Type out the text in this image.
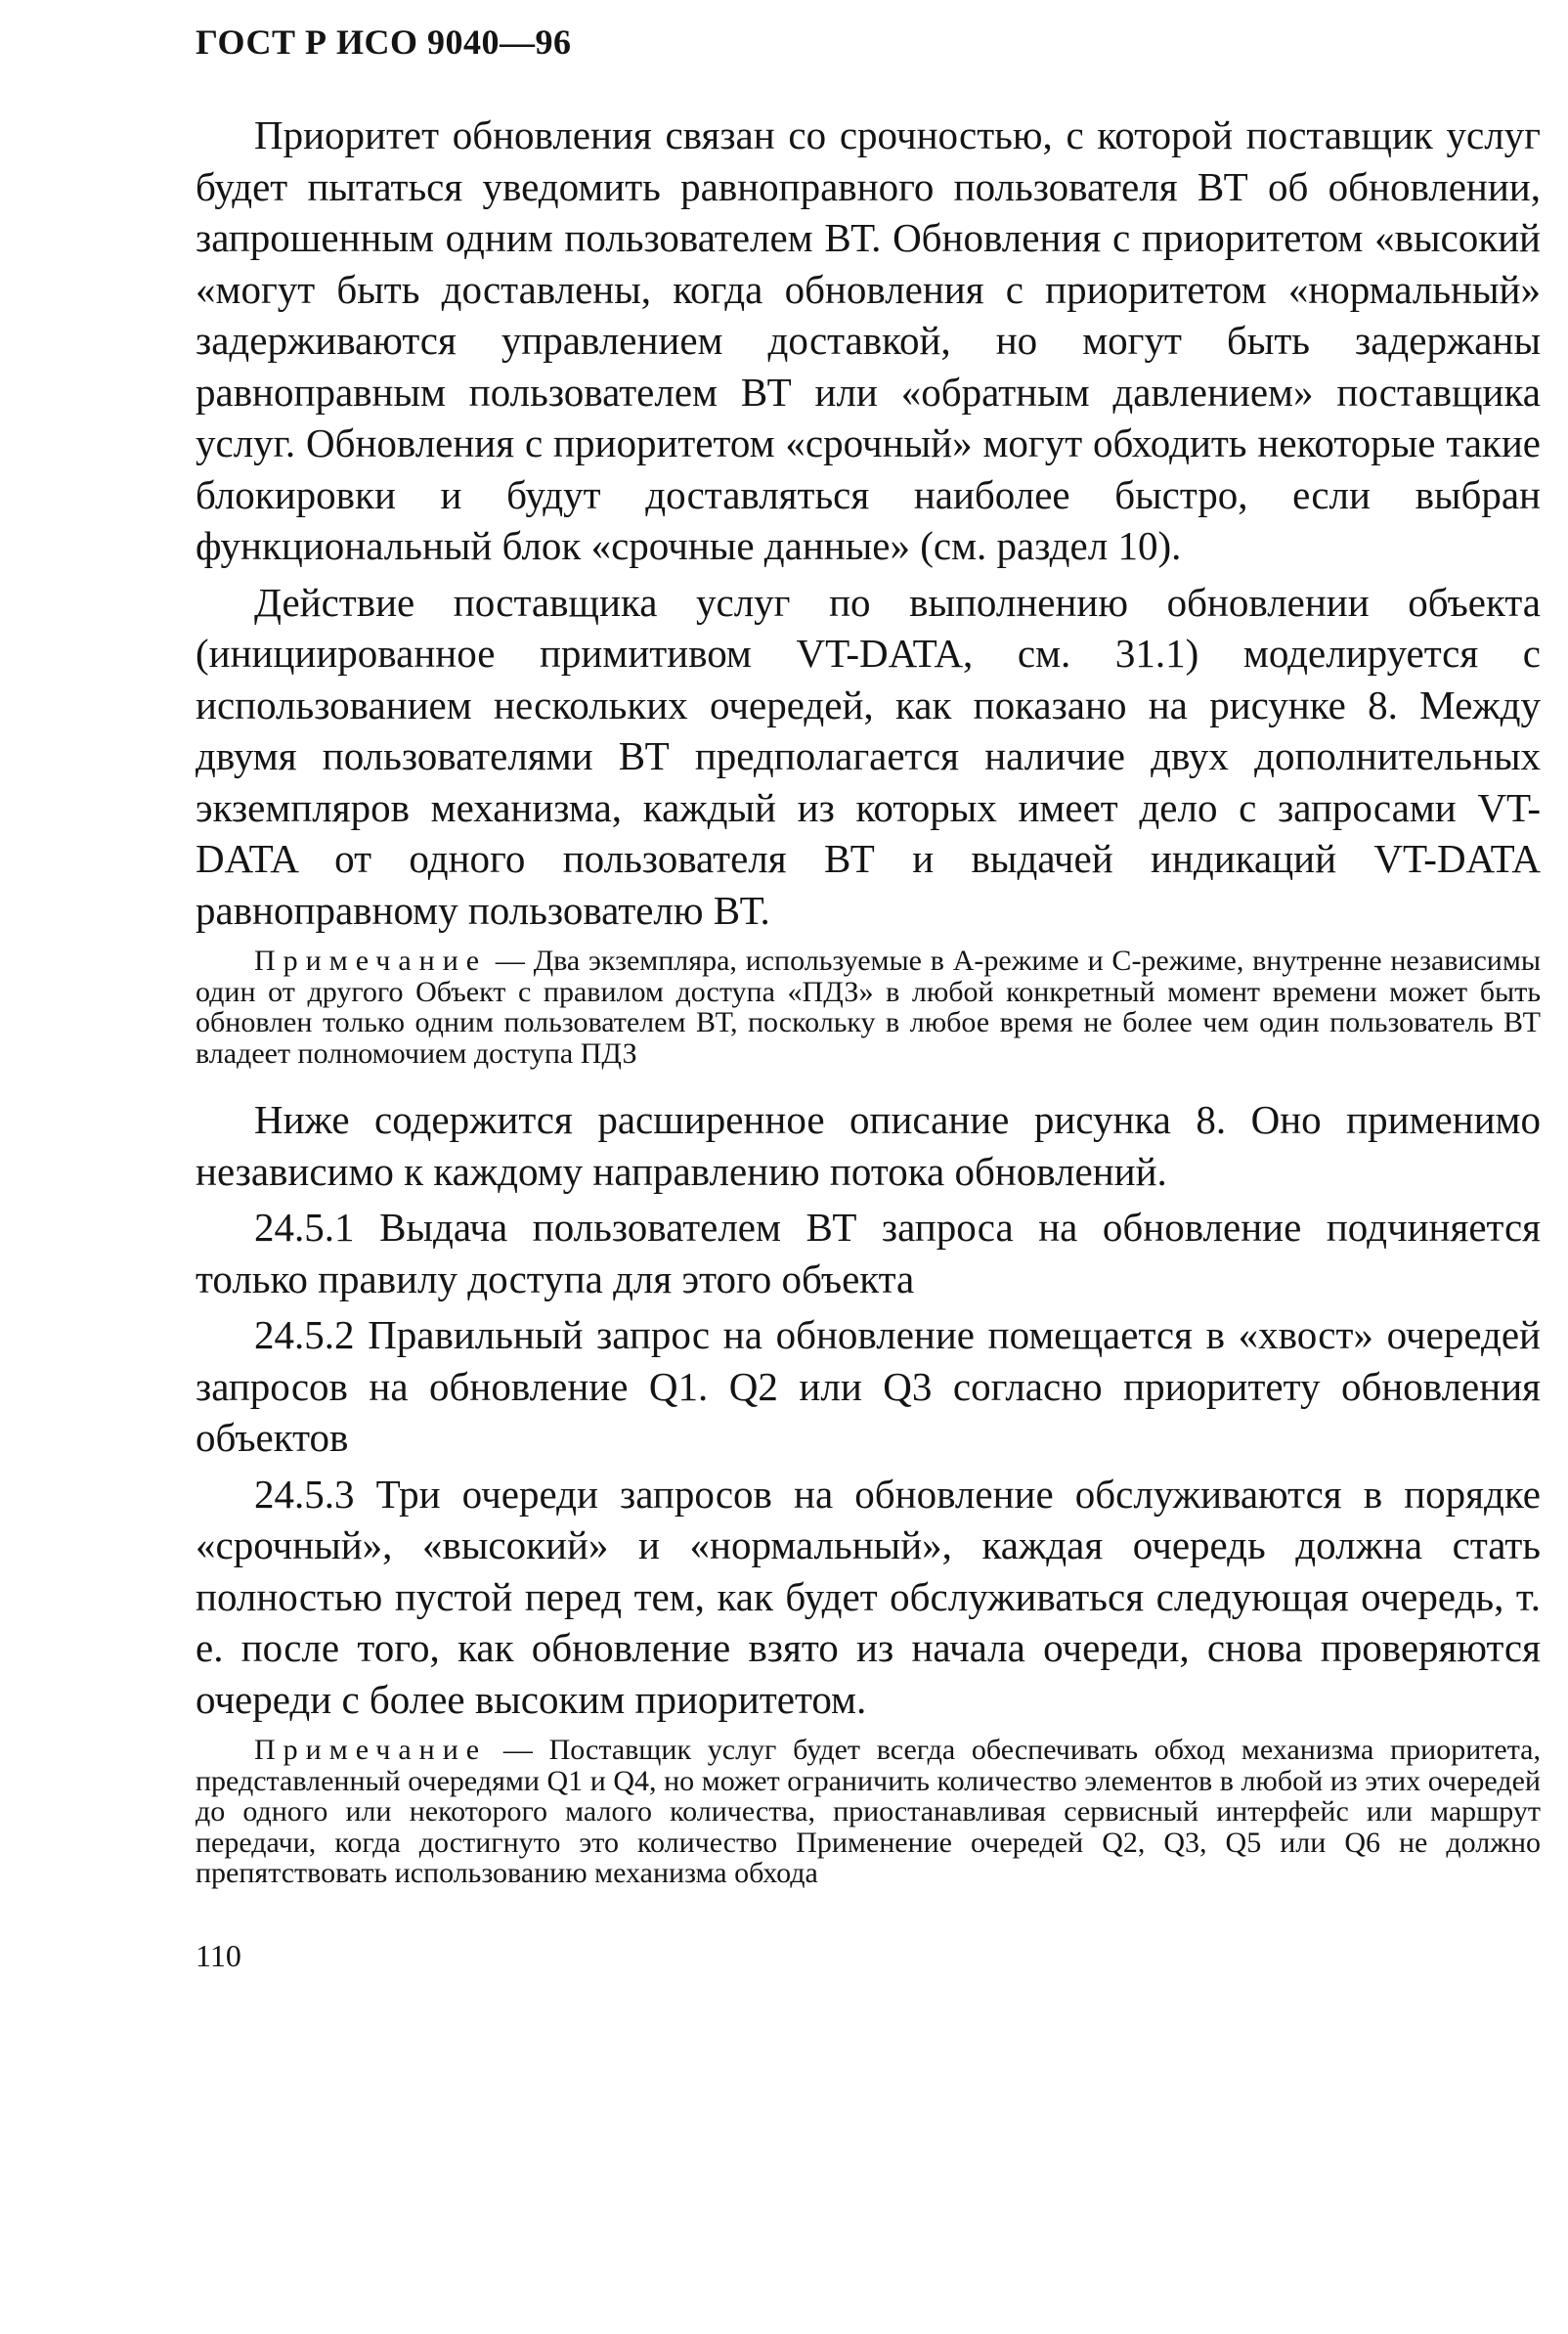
ГОСТ Р ИСО 9040—96

Приоритет обновления связан со срочностью, с которой поставщик услуг будет пытаться уведомить равноправного пользователя ВТ об обновлении, запрошенным одним пользователем ВТ. Обновления с приоритетом «высокий «могут быть доставлены, когда обновления с приоритетом «нормальный» задерживаются управлением доставкой, но могут быть задержаны равноправным пользователем ВТ или «обратным давлением» поставщика услуг. Обновления с приоритетом «срочный» могут обходить некоторые такие блокировки и будут доставляться наиболее быстро, если выбран функциональный блок «срочные данные» (см. раздел 10).

Действие поставщика услуг по выполнению обновлении объекта (инициированное примитивом VT-DATA, см. 31.1) моделируется с использованием нескольких очередей, как показано на рисунке 8. Между двумя пользователями ВТ предполагается наличие двух дополнительных экземпляров механизма, каждый из которых имеет дело с запросами VT-DATA от одного пользователя ВТ и выдачей индикаций VT-DATA равноправному пользователю ВТ.

Примечание — Два экземпляра, используемые в А-режиме и С-режиме, внутренне независимы один от другого Объект с правилом доступа «ПДЗ» в любой конкретный момент времени может быть обновлен только одним пользователем ВТ, поскольку в любое время не более чем один пользователь ВТ владеет полномочием доступа ПДЗ

Ниже содержится расширенное описание рисунка 8. Оно применимо независимо к каждому направлению потока обновлений.

24.5.1 Выдача пользователем ВТ запроса на обновление подчиняется только правилу доступа для этого объекта

24.5.2 Правильный запрос на обновление помещается в «хвост» очередей запросов на обновление Q1. Q2 или Q3 согласно приоритету обновления объектов

24.5.3 Три очереди запросов на обновление обслуживаются в порядке «срочный», «высокий» и «нормальный», каждая очередь должна стать полностью пустой перед тем, как будет обслуживаться следующая очередь, т. е. после того, как обновление взято из начала очереди, снова проверяются очереди с более высоким приоритетом.

Примечание — Поставщик услуг будет всегда обеспечивать обход механизма приоритета, представленный очередями Q1 и Q4, но может ограничить количество элементов в любой из этих очередей до одного или некоторого малого количества, приостанавливая сервисный интерфейс или маршрут передачи, когда достигнуто это количество Применение очередей Q2, Q3, Q5 или Q6 не должно препятствовать использованию механизма обхода

110
